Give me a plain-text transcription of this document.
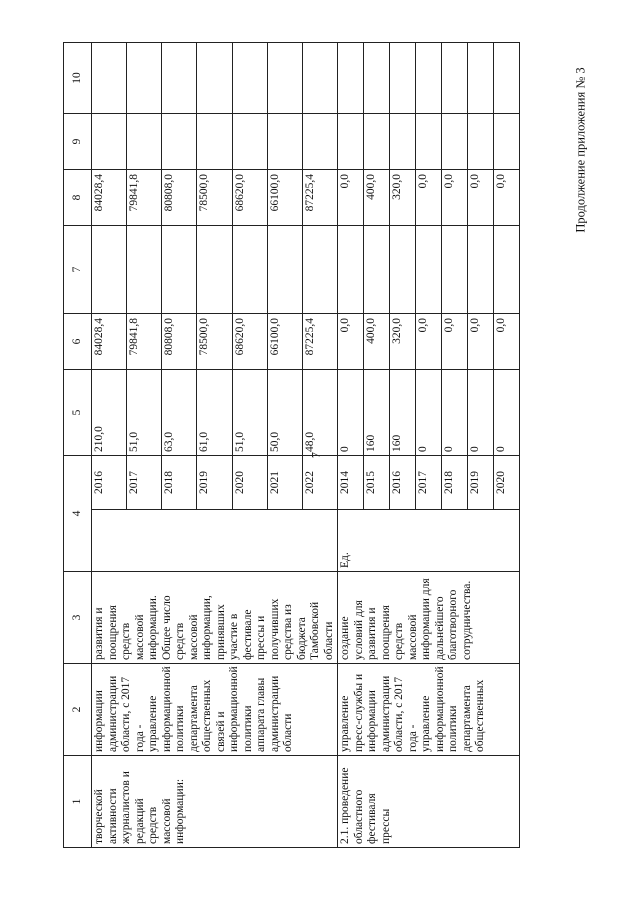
7
Продолжение приложения № 3
1	2	3	4		5	6	7	8	9	10
творческой активности журналистов и редакций средств массовой информации:	информации администрации области, с 2017 года - управление информационной политики департамента общественных связей и информационной политики аппарата главы администрации области	развития и поощрения средств массовой информации. Общее число средств массовой информации, принявших участие в фестивале прессы и получивших средства из бюджета Тамбовской области		2016	210,0	84028,4		84028,4		
				2017	51,0	79841,8		79841,8		
				2018	63,0	80808,0		80808,0		
				2019	61,0	78500,0		78500,0		
				2020	51,0	68620,0		68620,0		
				2021	50,0	66100,0		66100,0		
				2022	48,0	87225,4		87225,4		
2.1. проведение областного фестиваля прессы	управление пресс-службы и информации администрации области, с 2017 года - управление информационной политики департамента общественных	создание условий для развития и поощрения средств массовой информации для дальнейшего благотворного сотрудничества.	Ед.	2014	0	0,0		0,0		
				2015	160	400,0		400,0		
				2016	160	320,0		320,0		
				2017	0	0,0		0,0		
				2018	0	0,0		0,0		
				2019	0	0,0		0,0		
				2020	0	0,0		0,0		
